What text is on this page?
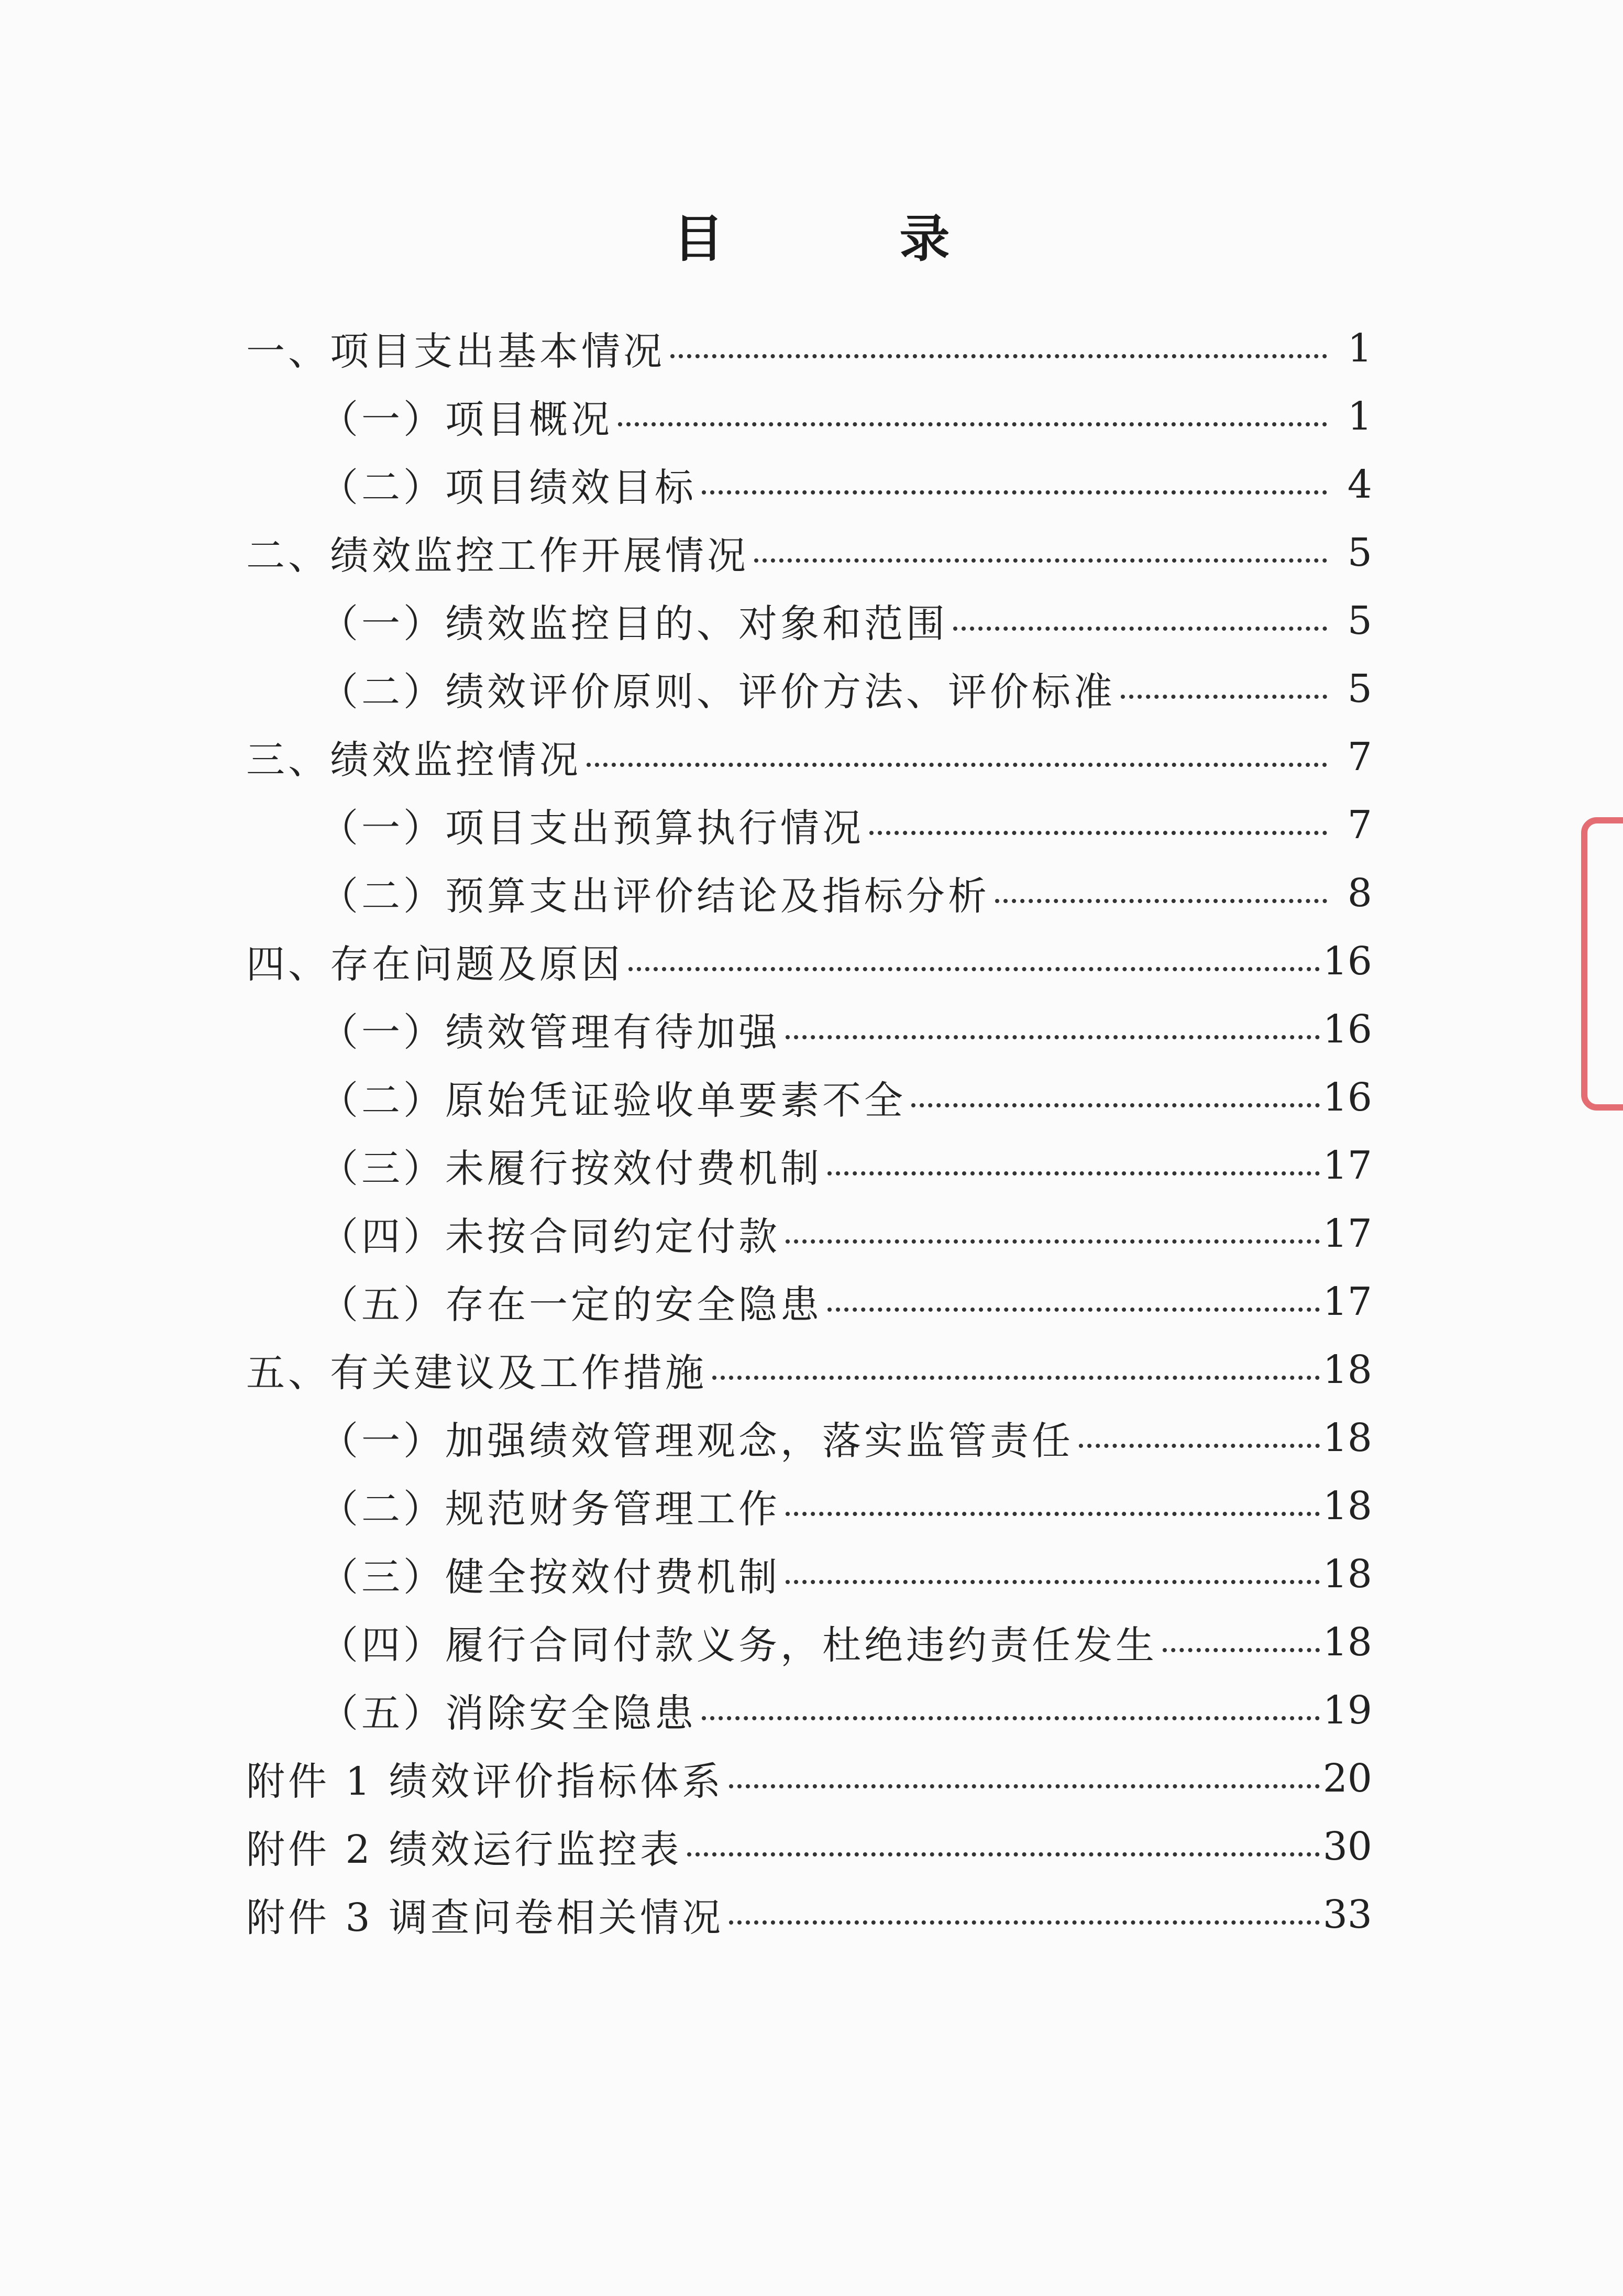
目　录
一、项目支出基本情况	1
（一）项目概况	1
（二）项目绩效目标	4
二、绩效监控工作开展情况	5
（一）绩效监控目的、对象和范围	5
（二）绩效评价原则、评价方法、评价标准	5
三、绩效监控情况	7
（一）项目支出预算执行情况	7
（二）预算支出评价结论及指标分析	8
四、存在问题及原因	16
（一）绩效管理有待加强	16
（二）原始凭证验收单要素不全	16
（三）未履行按效付费机制	17
（四）未按合同约定付款	17
（五）存在一定的安全隐患	17
五、有关建议及工作措施	18
（一）加强绩效管理观念，落实监管责任	18
（二）规范财务管理工作	18
（三）健全按效付费机制	18
（四）履行合同付款义务，杜绝违约责任发生	18
（五）消除安全隐患	19
附件 1 绩效评价指标体系	20
附件 2 绩效运行监控表	30
附件 3 调查问卷相关情况	33
